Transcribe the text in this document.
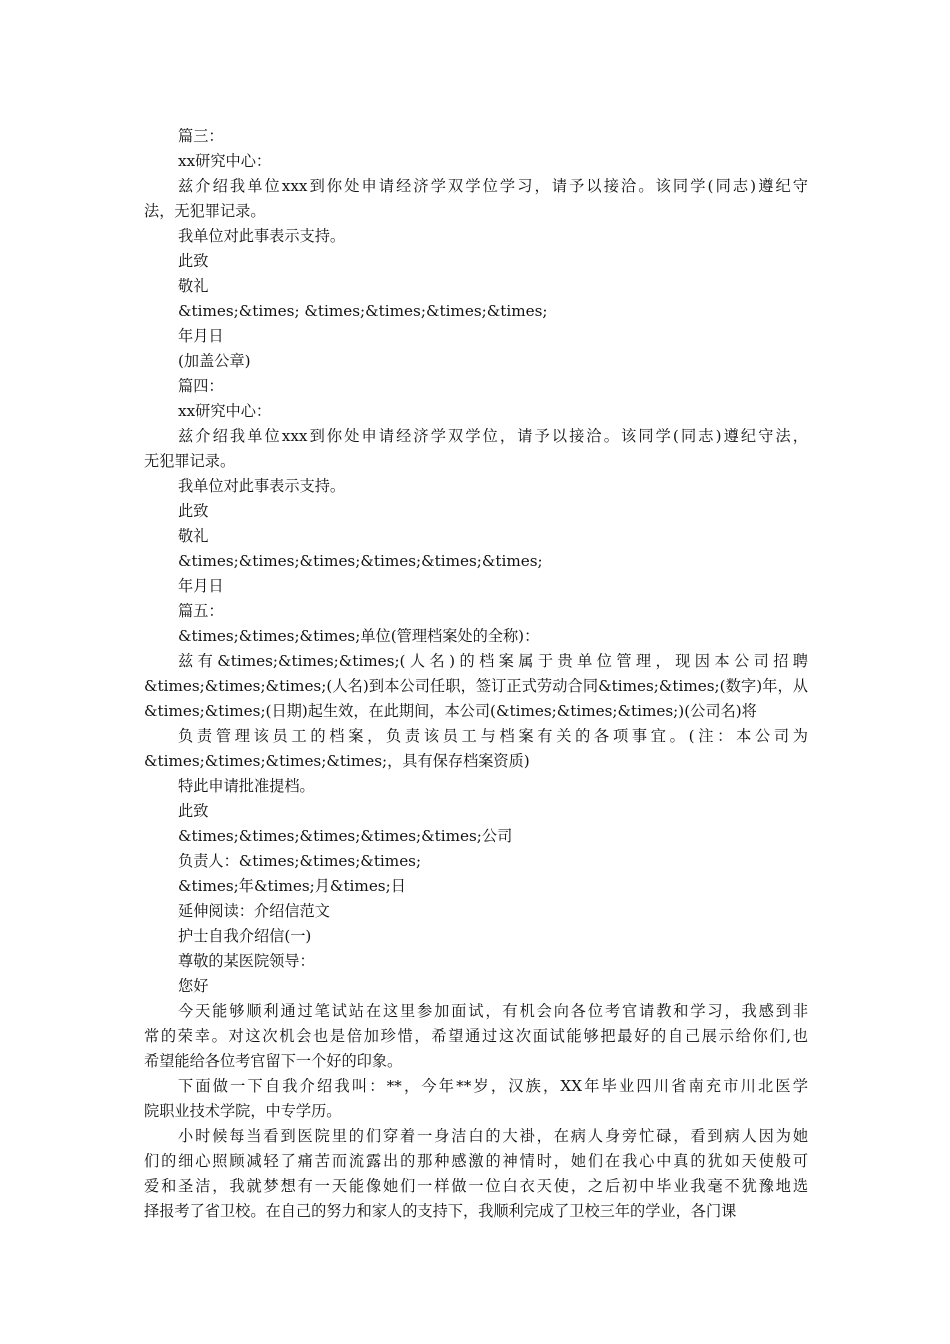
篇三：
xx研究中心：

兹介绍我单位xxx到你处申请经济学双学位学习，请予以接洽。该同学(同志)遵纪守
法，无犯罪记录。

我单位对此事表示支持。
此致
敬礼
&times;&times; &times;&times;&times;&times;
年月日
(加盖公章)
篇四：
xx研究中心：

兹介绍我单位xxx到你处申请经济学双学位，请予以接洽。该同学(同志)遵纪守法，
无犯罪记录。

我单位对此事表示支持。
此致
敬礼
&times;&times;&times;&times;&times;&times;
年月日
篇五：
&times;&times;&times;单位(管理档案处的全称)：

兹有&times;&times;&times;(人名)的档案属于贵单位管理，现因本公司招聘
&times;&times;&times;(人名)到本公司任职，签订正式劳动合同&times;&times;(数字)年，从
&times;&times;(日期)起生效，在此期间，本公司(&times;&times;&times;)(公司名)将

负责管理该员工的档案，负责该员工与档案有关的各项事宜。(注：本公司为
&times;&times;&times;&times;，具有保存档案资质)

特此申请批准提档。
此致
&times;&times;&times;&times;&times;公司
负责人：&times;&times;&times;
&times;年&times;月&times;日
延伸阅读：介绍信范文
护士自我介绍信(一)
尊敬的某医院领导：
您好

今天能够顺利通过笔试站在这里参加面试，有机会向各位考官请教和学习，我感到非
常的荣幸。对这次机会也是倍加珍惜，希望通过这次面试能够把最好的自己展示给你们,也
希望能给各位考官留下一个好的印象。

下面做一下自我介绍我叫：**，今年**岁，汉族，XX年毕业四川省南充市川北医学
院职业技术学院，中专学历。

小时候每当看到医院里的们穿着一身洁白的大褂，在病人身旁忙碌，看到病人因为她
们的细心照顾减轻了痛苦而流露出的那种感激的神情时，她们在我心中真的犹如天使般可
爱和圣洁，我就梦想有一天能像她们一样做一位白衣天使，之后初中毕业我毫不犹豫地选
择报考了省卫校。在自己的努力和家人的支持下，我顺利完成了卫校三年的学业，各门课
